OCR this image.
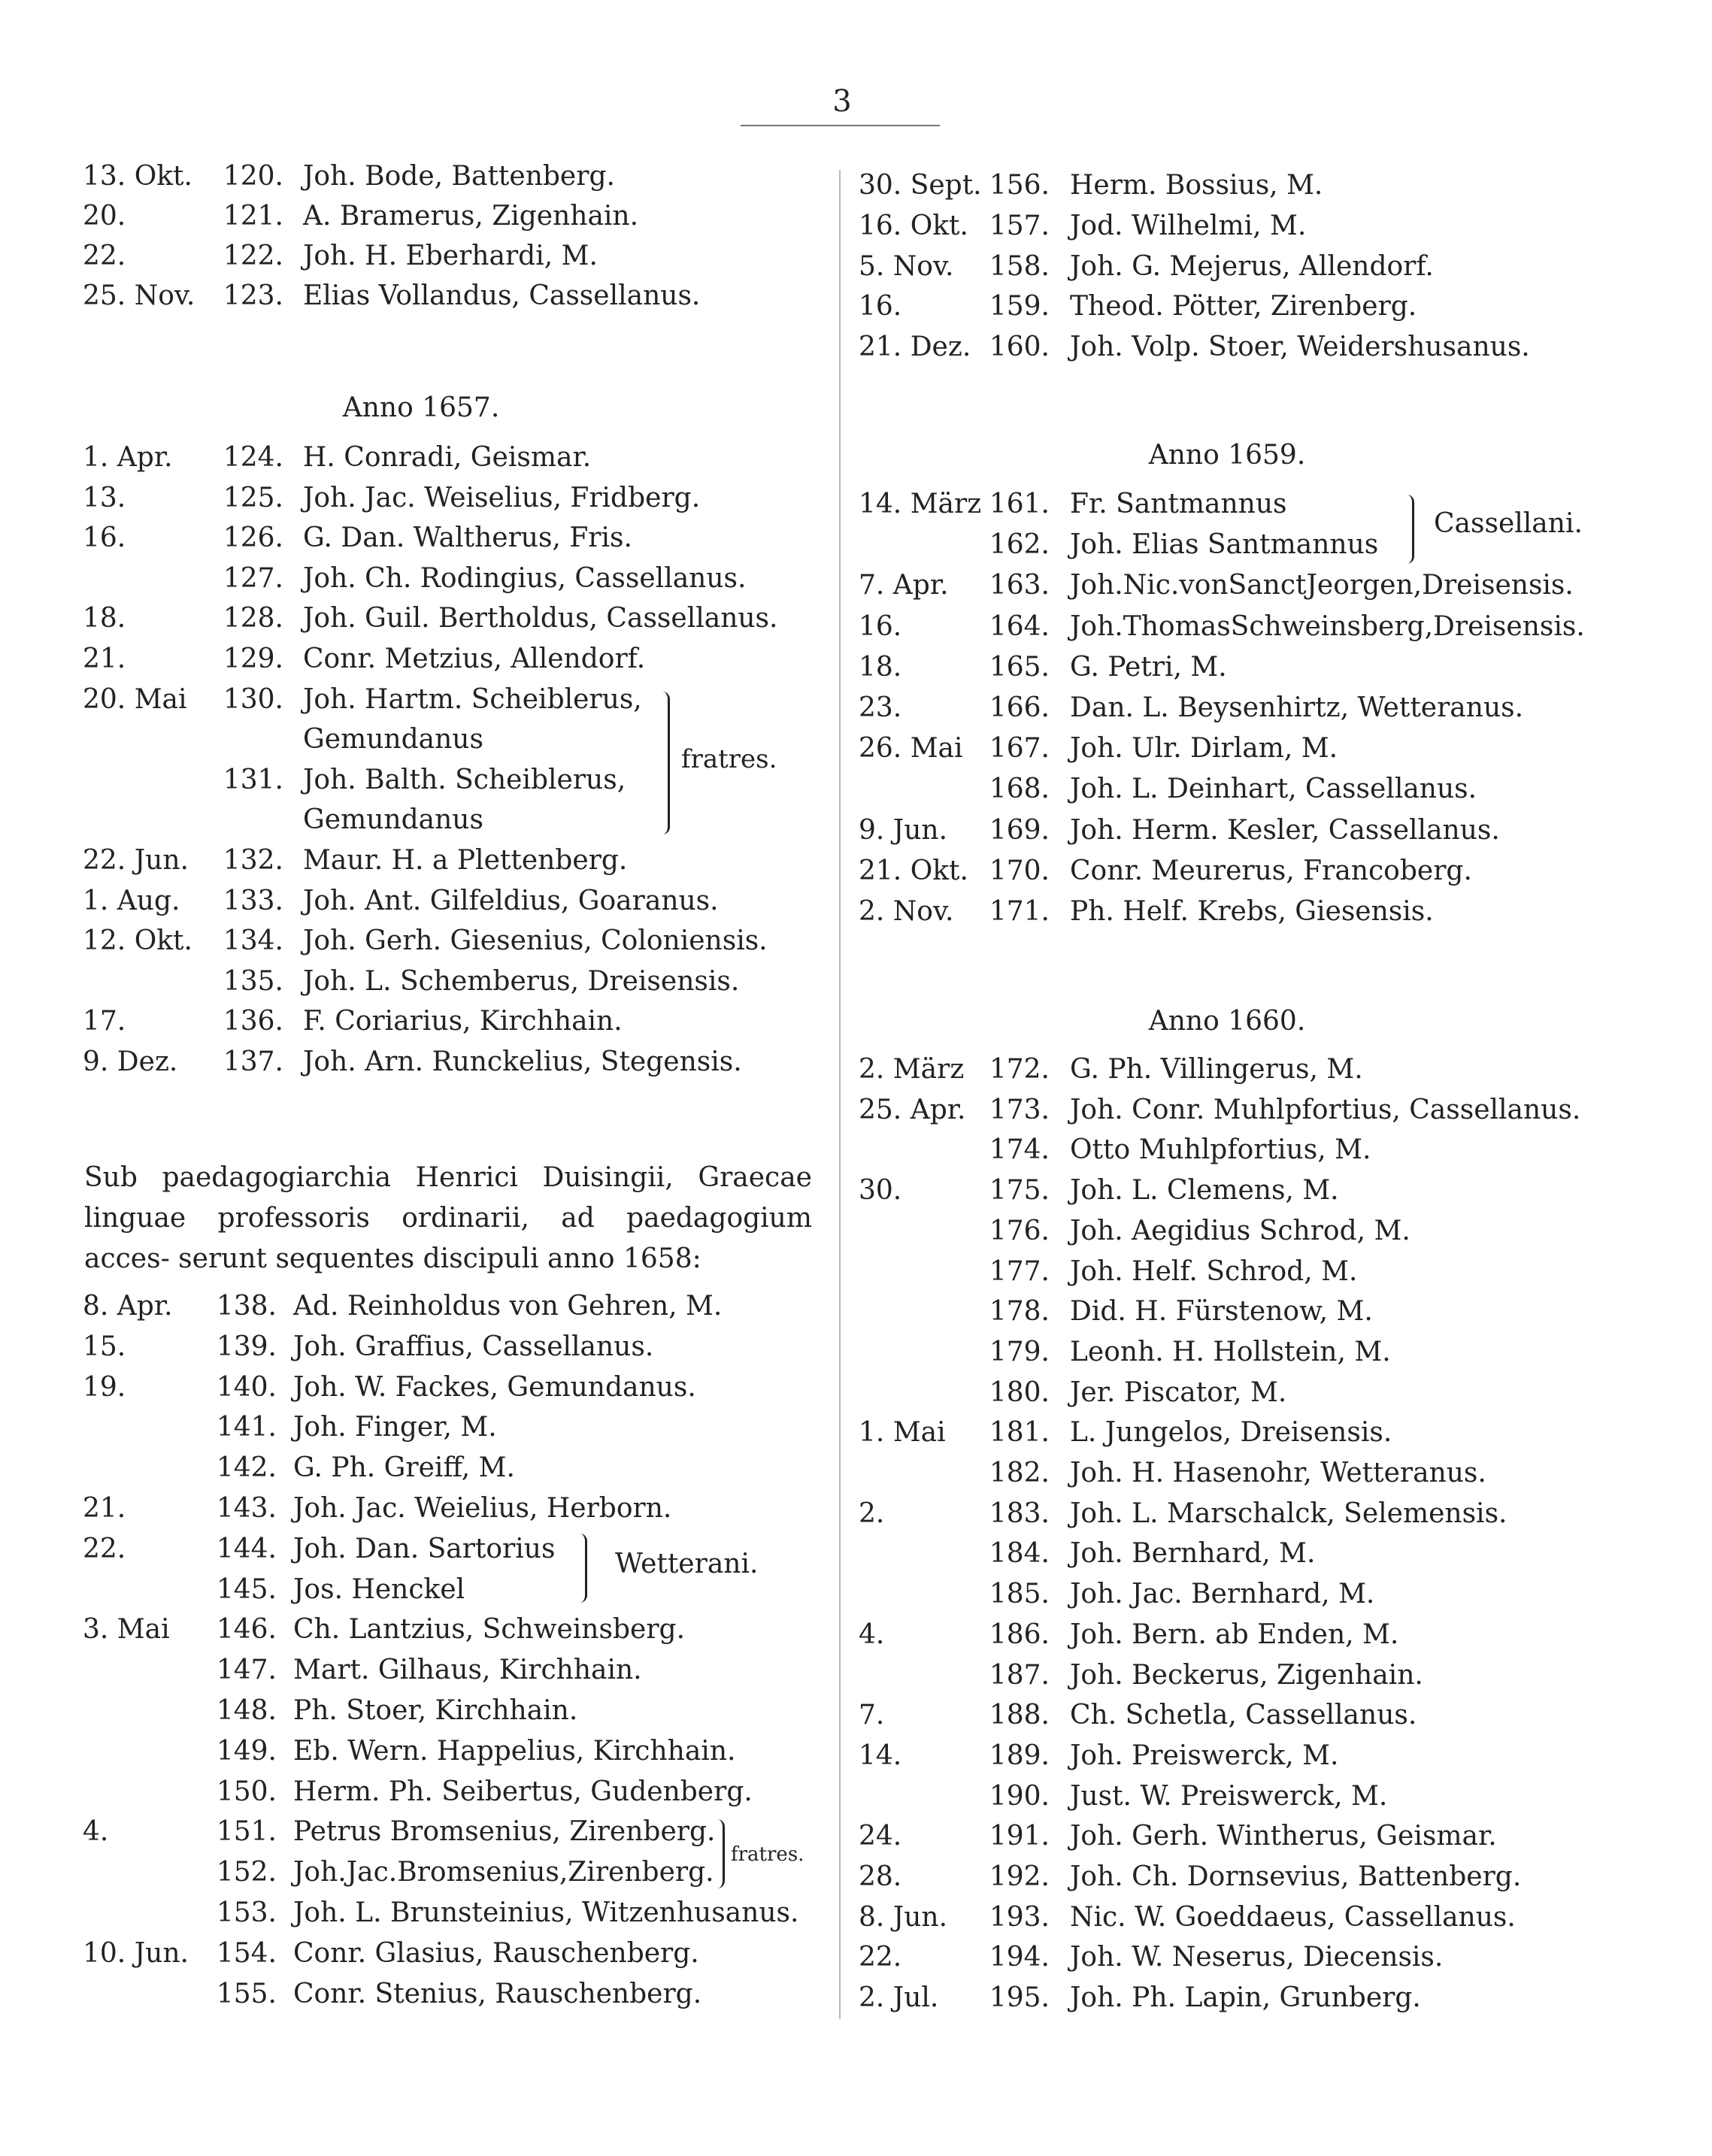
3
13. Okt.	120. Joh. Bode, Battenberg.
20.	121. A. Bramerus, Zigenhain.
22.	122. Joh. H. Eberhardi, M.
25. Nov.	123. Elias Vollandus, Cassellanus.
Anno 1657.
1. Apr.	124. H. Conradi, Geismar.
13.	125. Joh. Jac. Weiselius, Fridberg.
16.	126. G. Dan. Waltherus, Fris.
127. Joh. Ch. Rodingius, Cassellanus.
18.	128. Joh. Guil. Bertholdus, Cassellanus.
21.	129. Conr. Metzius, Allendorf.
20. Mai	130. Joh. Hartm. Scheiblerus,
Gemundanus
131. Joh. Balth. Scheiblerus,
Gemundanus
22. Jun.	132. Maur. H. a Plettenberg.
1. Aug.	133. Joh. Ant. Gilfeldius, Goaranus.
12. Okt.	134. Joh. Gerh. Giesenius, Coloniensis.
135. Joh. L. Schemberus, Dreisensis.
17.	136. F. Coriarius, Kirchhain.
9. Dez.	137. Joh. Arn. Runckelius, Stegensis.
fratres.
Sub paedagogiarchia Henrici Duisingii, Graecae linguae professoris ordinarii, ad paedagogium acces- serunt sequentes discipuli anno 1658:
8. Apr.	138. Ad. Reinholdus von Gehren, M.
15.	139. Joh. Graffius, Cassellanus.
19.	140. Joh. W. Fackes, Gemundanus.
141. Joh. Finger, M.
142. G. Ph. Greiff, M.
21.	143. Joh. Jac. Weielius, Herborn.
22.	144. Joh. Dan. Sartorius
145. Jos. Henckel
3. Mai	146. Ch. Lantzius, Schweinsberg.
147. Mart. Gilhaus, Kirchhain.
148. Ph. Stoer, Kirchhain.
149. Eb. Wern. Happelius, Kirchhain.
150. Herm. Ph. Seibertus, Gudenberg.
4.	151. Petrus Bromsenius, Zirenberg.
152. Joh.Jac.Bromsenius,Zirenberg.
153. Joh. L. Brunsteinius, Witzenhusanus.
10. Jun.	154. Conr. Glasius, Rauschenberg.
155. Conr. Stenius, Rauschenberg.
Wetterani.
fratres.
30. Sept. 156. Herm. Bossius, M.
16. Okt. 157. Jod. Wilhelmi, M.
5. Nov.	158. Joh. G. Mejerus, Allendorf.
16.	159. Theod. Pötter, Zirenberg.
21. Dez. 160. Joh. Volp. Stoer, Weidershusanus.
Anno 1659.
14. März 161. Fr. Santmannus
162. Joh. Elias Santmannus
7. Apr.	163. Joh.Nic.vonSanctJeorgen,Dreisensis.
16.	164. Joh.ThomasSchweinsberg,Dreisensis.
18.	165. G. Petri, M.
23.	166. Dan. L. Beysenhirtz, Wetteranus.
26. Mai 167. Joh. Ulr. Dirlam, M.
168. Joh. L. Deinhart, Cassellanus.
9. Jun.	169. Joh. Herm. Kesler, Cassellanus.
21. Okt. 170. Conr. Meurerus, Francoberg.
2. Nov.	171. Ph. Helf. Krebs, Giesensis.
Cassellani.
Anno 1660.
2. März 172. G. Ph. Villingerus, M.
25. Apr. 173. Joh. Conr. Muhlpfortius, Cassellanus.
174. Otto Muhlpfortius, M.
30.	175. Joh. L. Clemens, M.
176. Joh. Aegidius Schrod, M.
177. Joh. Helf. Schrod, M.
178. Did. H. Fürstenow, M.
179. Leonh. H. Hollstein, M.
180. Jer. Piscator, M.
1. Mai	181. L. Jungelos, Dreisensis.
182. Joh. H. Hasenohr, Wetteranus.
2.	183. Joh. L. Marschalck, Selemensis.
184. Joh. Bernhard, M.
185. Joh. Jac. Bernhard, M.
4.	186. Joh. Bern. ab Enden, M.
187. Joh. Beckerus, Zigenhain.
7.	188. Ch. Schetla, Cassellanus.
14.	189. Joh. Preiswerck, M.
190. Just. W. Preiswerck, M.
24.	191. Joh. Gerh. Wintherus, Geismar.
28.	192. Joh. Ch. Dornsevius, Battenberg.
8. Jun.	193. Nic. W. Goeddaeus, Cassellanus.
22.	194. Joh. W. Neserus, Diecensis.
2. Jul.	195. Joh. Ph. Lapin, Grunberg.
